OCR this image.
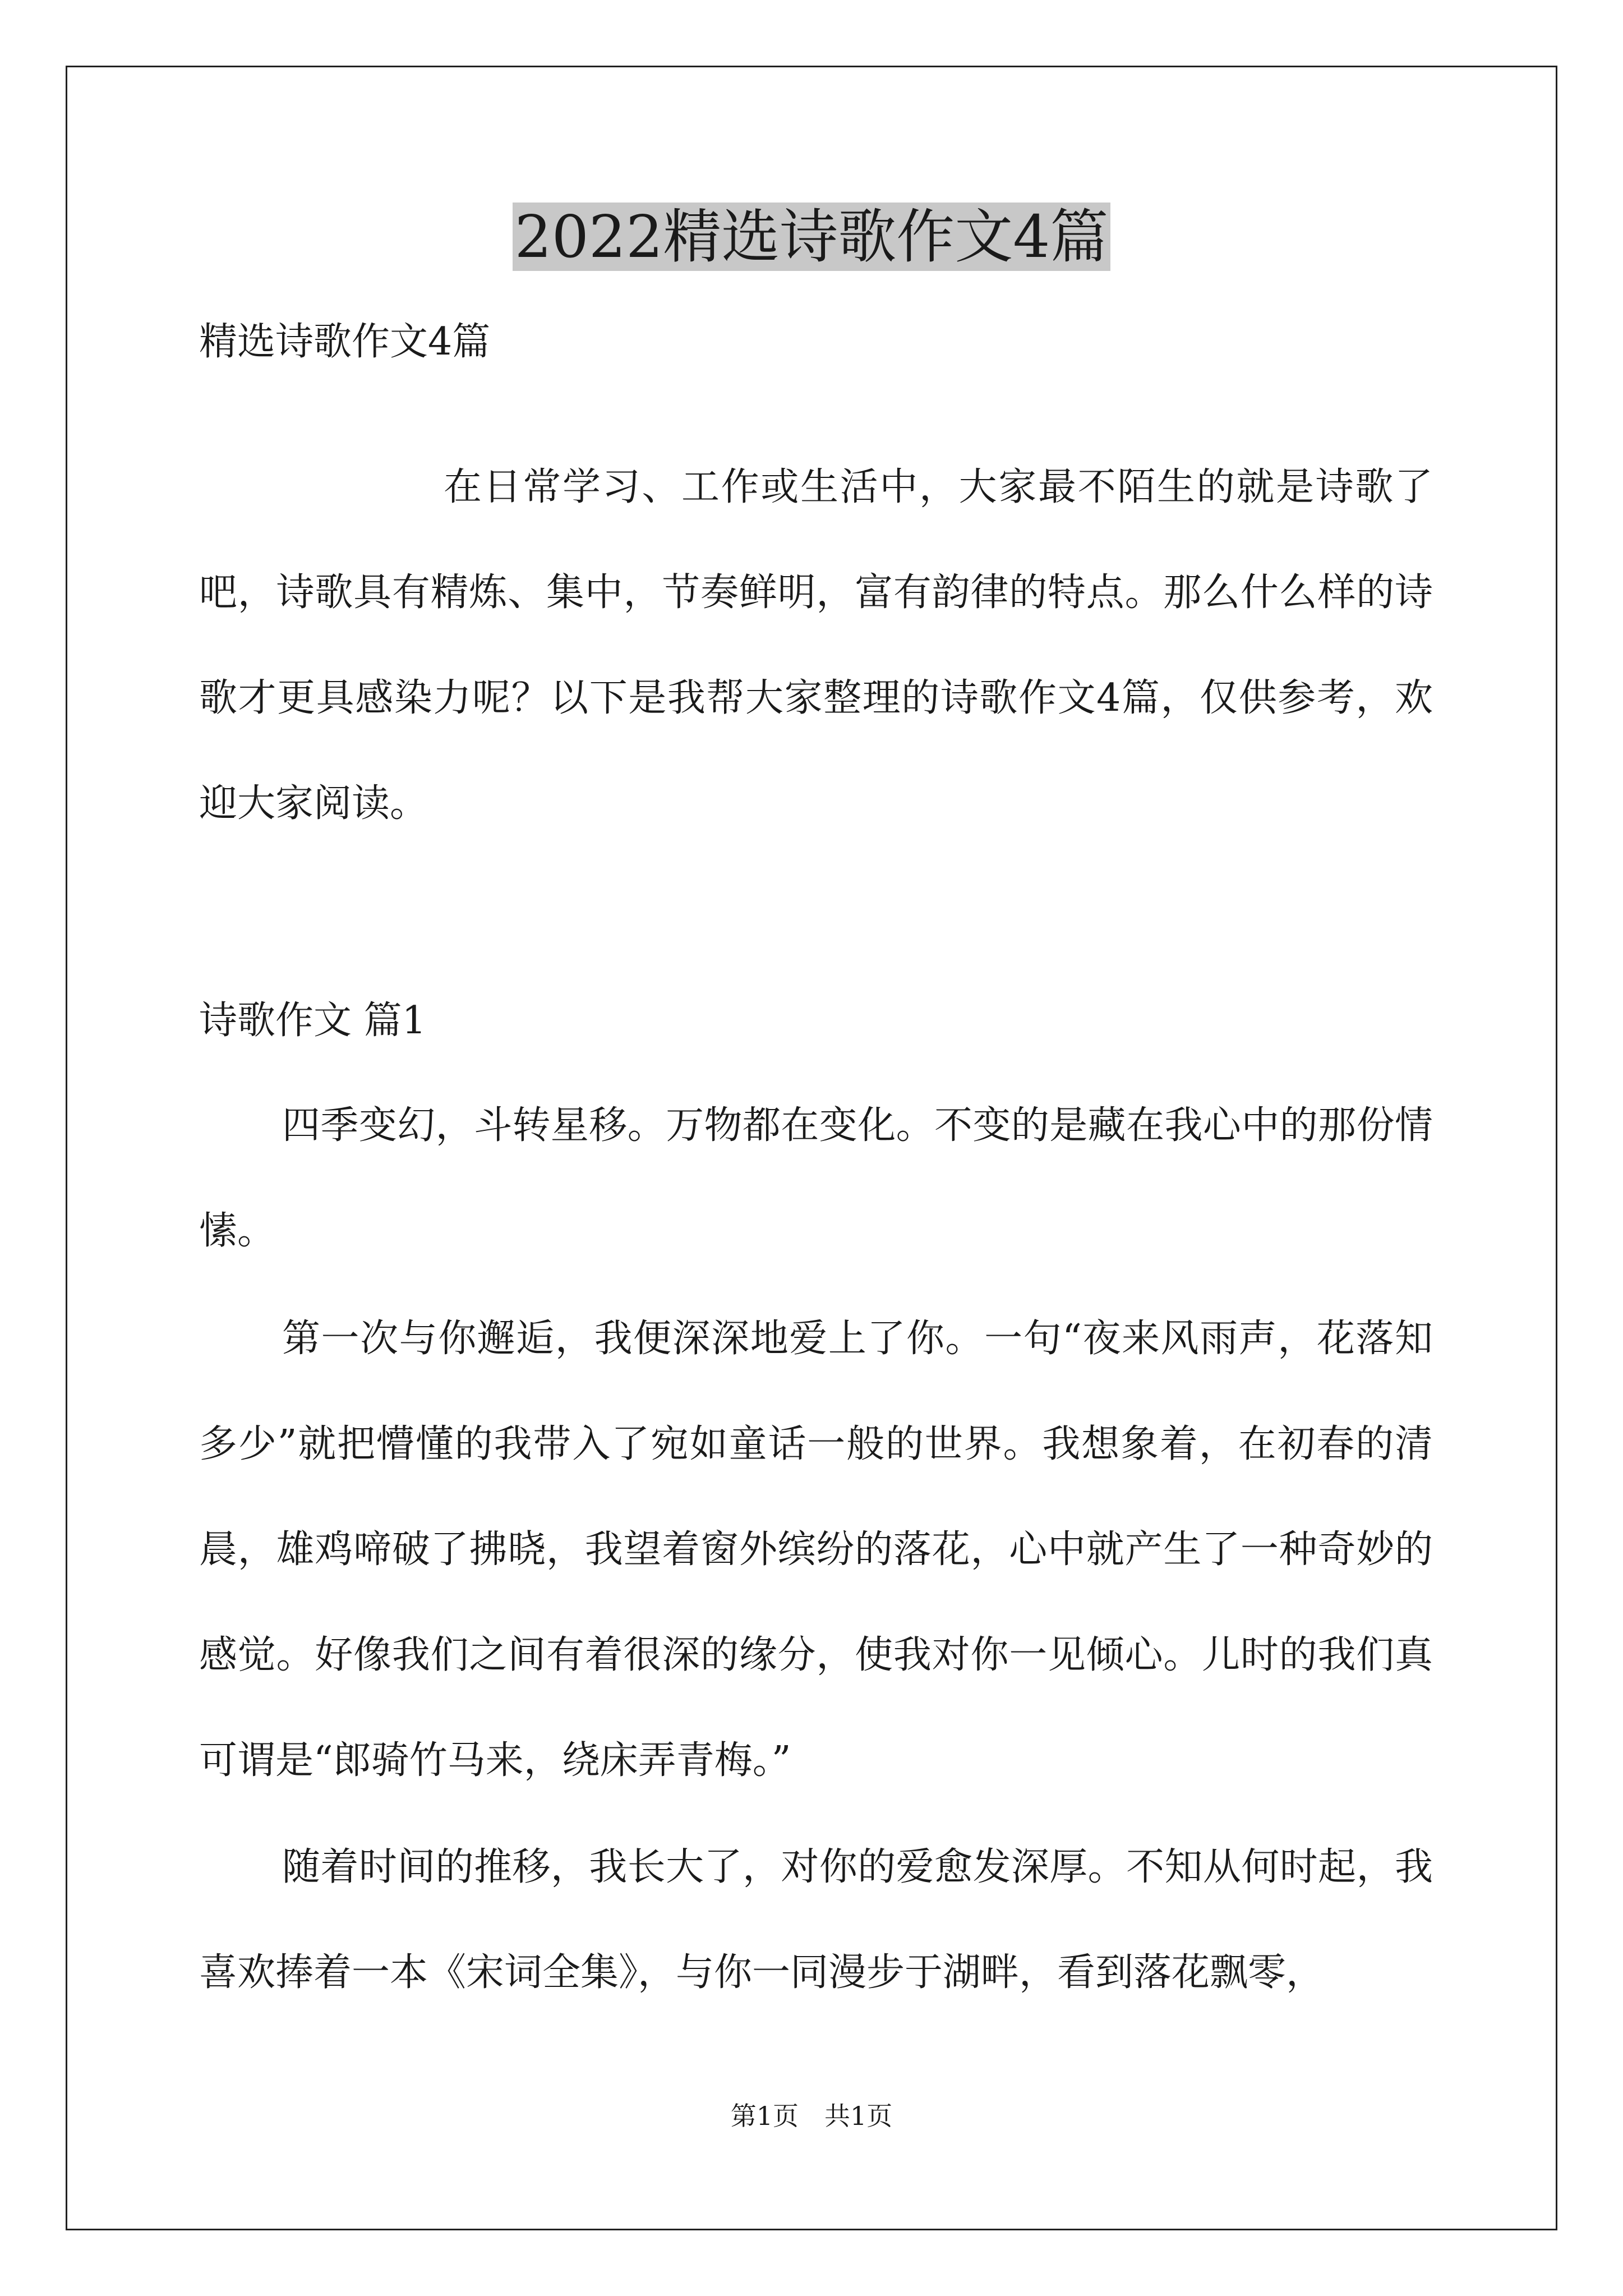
2022精选诗歌作文4篇
精选诗歌作文4篇

在日常学习、工作或生活中，大家最不陌生的就是诗歌了吧，诗歌具有精炼、集中，节奏鲜明，富有韵律的特点。那么什么样的诗歌才更具感染力呢？以下是我帮大家整理的诗歌作文4篇，仅供参考，欢迎大家阅读。

诗歌作文 篇1

四季变幻，斗转星移。万物都在变化。不变的是藏在我心中的那份情愫。

第一次与你邂逅，我便深深地爱上了你。一句“夜来风雨声，花落知多少”就把懵懂的我带入了宛如童话一般的世界。我想象着，在初春的清晨，雄鸡啼破了拂晓，我望着窗外缤纷的落花，心中就产生了一种奇妙的感觉。好像我们之间有着很深的缘分，使我对你一见倾心。儿时的我们真可谓是“郎骑竹马来，绕床弄青梅。”

随着时间的推移，我长大了，对你的爱愈发深厚。不知从何时起，我喜欢捧着一本《宋词全集》，与你一同漫步于湖畔，看到落花飘零，

第1页　共1页
